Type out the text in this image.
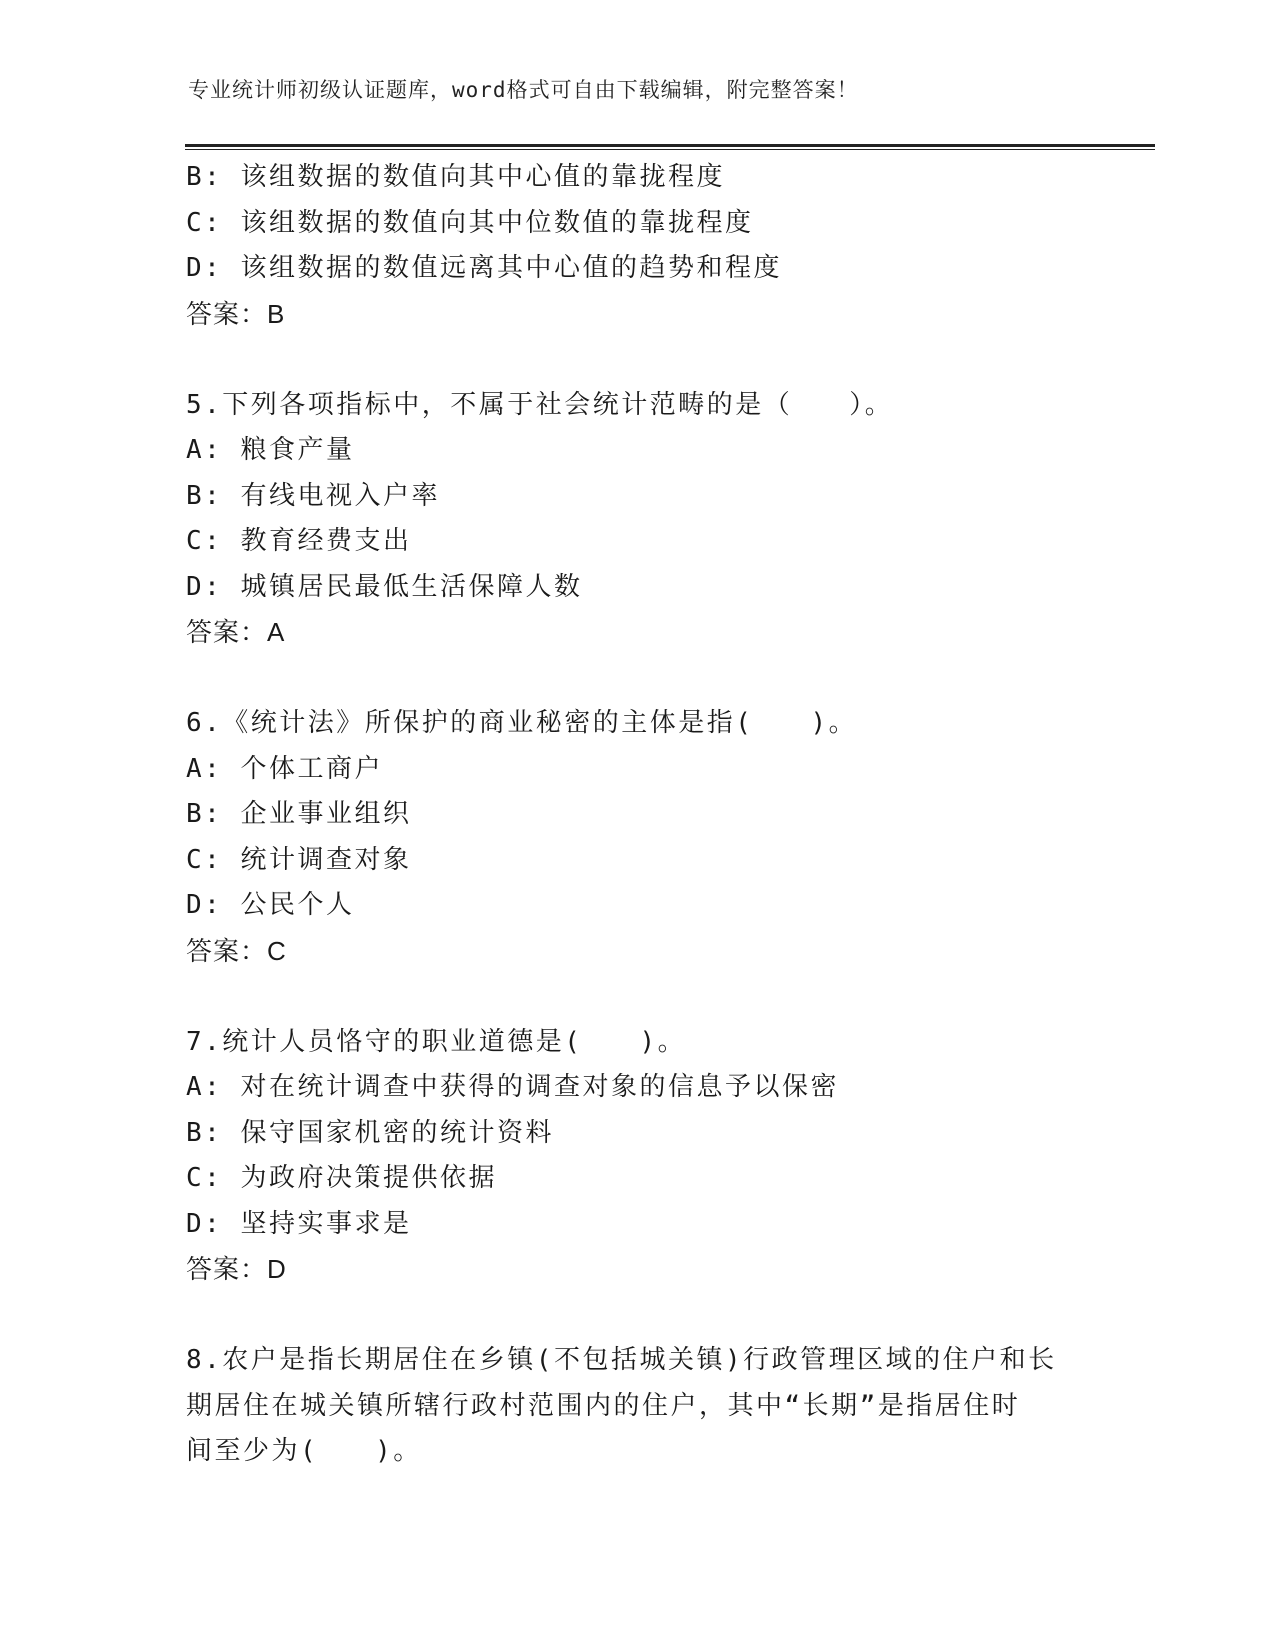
专业统计师初级认证题库，word格式可自由下载编辑，附完整答案！
B: 该组数据的数值向其中心值的靠拢程度
C: 该组数据的数值向其中位数值的靠拢程度
D: 该组数据的数值远离其中心值的趋势和程度
答案：B
5.下列各项指标中，不属于社会统计范畴的是（　　）。
A: 粮食产量
B: 有线电视入户率
C: 教育经费支出
D: 城镇居民最低生活保障人数
答案：A
6.《统计法》所保护的商业秘密的主体是指(　　)。
A: 个体工商户
B: 企业事业组织
C: 统计调查对象
D: 公民个人
答案：C
7.统计人员恪守的职业道德是(　　)。
A: 对在统计调查中获得的调查对象的信息予以保密
B: 保守国家机密的统计资料
C: 为政府决策提供依据
D: 坚持实事求是
答案：D
8.农户是指长期居住在乡镇(不包括城关镇)行政管理区域的住户和长
期居住在城关镇所辖行政村范围内的住户，其中“长期”是指居住时
间至少为(　　)。
